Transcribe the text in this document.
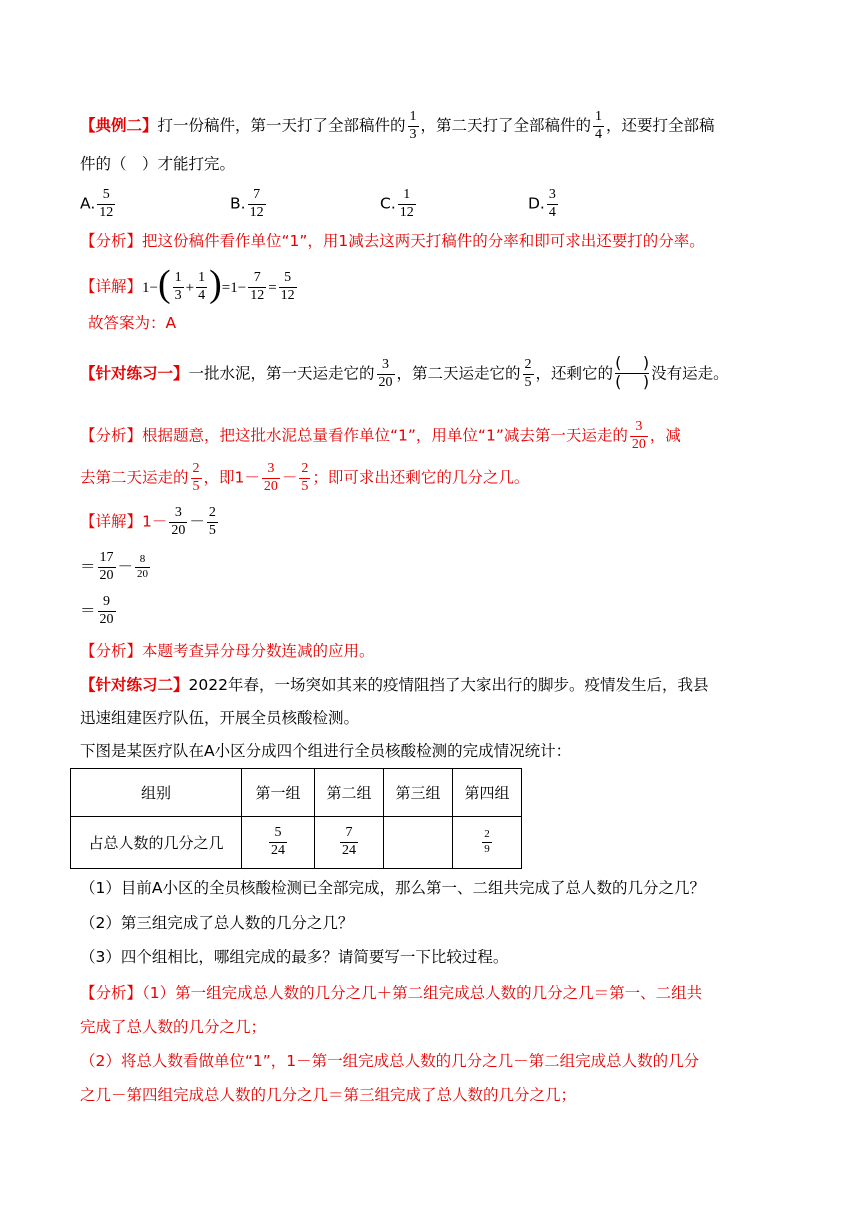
【典例二】打一份稿件，第一天打了全部稿件的 $\frac{1}{3}$ ，第二天打了全部稿件的 $\frac{1}{4}$ ，还要打全部稿
件的（　）才能打完。
A. $\frac{5}{12}$	B. $\frac{7}{12}$	C. $\frac{1}{12}$	D. $\frac{3}{4}$
【分析】把这份稿件看作单位“1”，用1减去这两天打稿件的分率和即可求出还要打的分率。
【详解】$1-( \frac{1}{3} + \frac{1}{4} )=1- \frac{7}{12} = \frac{5}{12}$
故答案为：A
【针对练习一】一批水泥，第一天运走它的 $\frac{3}{20}$ ，第二天运走它的 $\frac{2}{5}$ ，还剩它的 ( )
( ) 没有运走。
【分析】根据题意，把这批水泥总量看作单位“1”，用单位“1”减去第一天运走的 $\frac{3}{20}$ ，减
去第二天运走的 $\frac{2}{5}$ ，即$1- \frac{3}{20} - \frac{2}{5}$ ；即可求出还剩它的几分之几。
【详解】$1- \frac{3}{20} - \frac{2}{5}$
＝ $\frac{17}{20} - \frac{8}{20}$
＝ $\frac{9}{20}$
【分析】本题考查异分母分数连减的应用。
【针对练习二】2022年春，一场突如其来的疫情阻挡了大家出行的脚步。疫情发生后，我县
迅速组建医疗队伍，开展全员核酸检测。
下图是某医疗队在A小区分成四个组进行全员核酸检测的完成情况统计：
组别	第一组	第二组	第三组	第四组
占总人数的几分之几	$\frac{5}{24}$	$\frac{7}{24}$		$\frac{2}{9}$
（1）目前A小区的全员核酸检测已全部完成，那么第一、二组共完成了总人数的几分之几？
（2）第三组完成了总人数的几分之几？
（3）四个组相比，哪组完成的最多？请简要写一下比较过程。
【分析】（1）第一组完成总人数的几分之几＋第二组完成总人数的几分之几＝第一、二组共
完成了总人数的几分之几；
（2）将总人数看做单位“1”，1－第一组完成总人数的几分之几－第二组完成总人数的几分
之几－第四组完成总人数的几分之几＝第三组完成了总人数的几分之几；
